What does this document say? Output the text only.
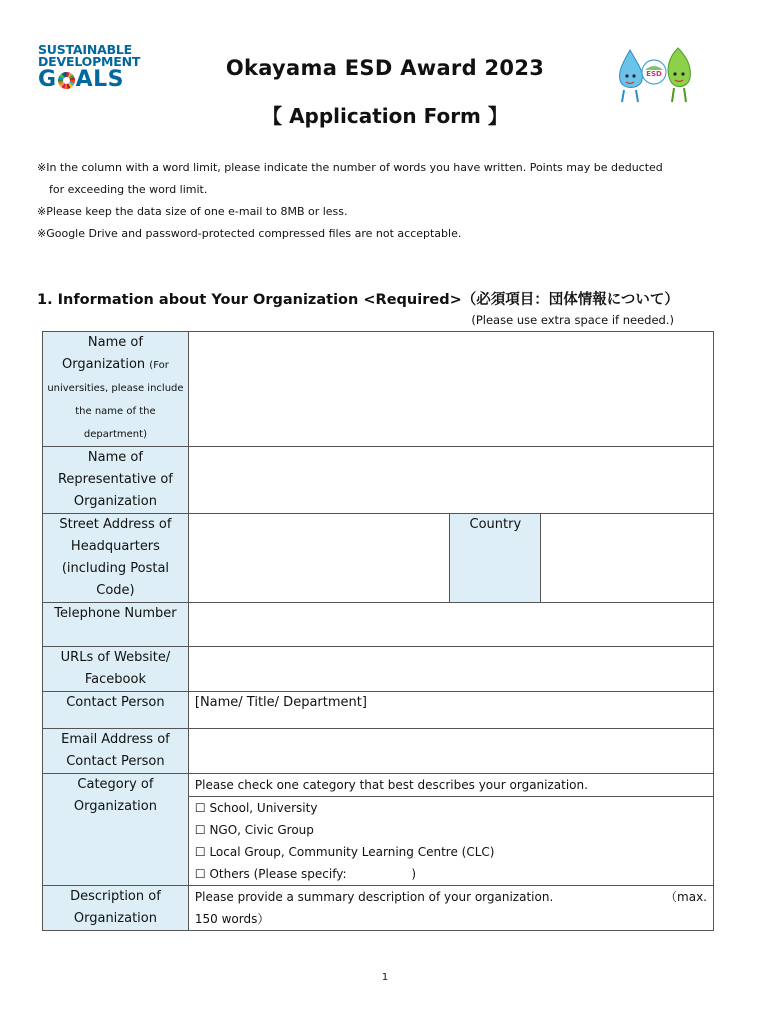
SUSTAINABLE
DEVELOPMENT
G ALS	ESD
Okayama ESD Award 2023
【 Application Form 】
※In the column with a word limit, please indicate the number of words you have written. Points may be deducted
for exceeding the word limit.
※Please keep the data size of one e-mail to 8MB or less.
※Google Drive and password-protected compressed files are not acceptable.
1. Information about Your Organization <Required>（必須項目：団体情報について）
(Please use extra space if needed.)
Name of Organization (For universities, please include the name of the department)			　
Name of Representative of Organization			
Street Address of Headquarters (including Postal Code)		Country	
Telephone Number			
URLs of Website/ Facebook			
Contact Person	[Name/ Title/ Department]		
Email Address of Contact Person			
Category of Organization	Please check one category that best describes your organization.		

	☐ School, University
☐ NGO, Civic Group
☐ Local Group, Community Learning Centre (CLC)
☐ Others (Please specify:                 )		

Description of Organization	Please provide a summary description of your organization. （max.
150 words）		
1
